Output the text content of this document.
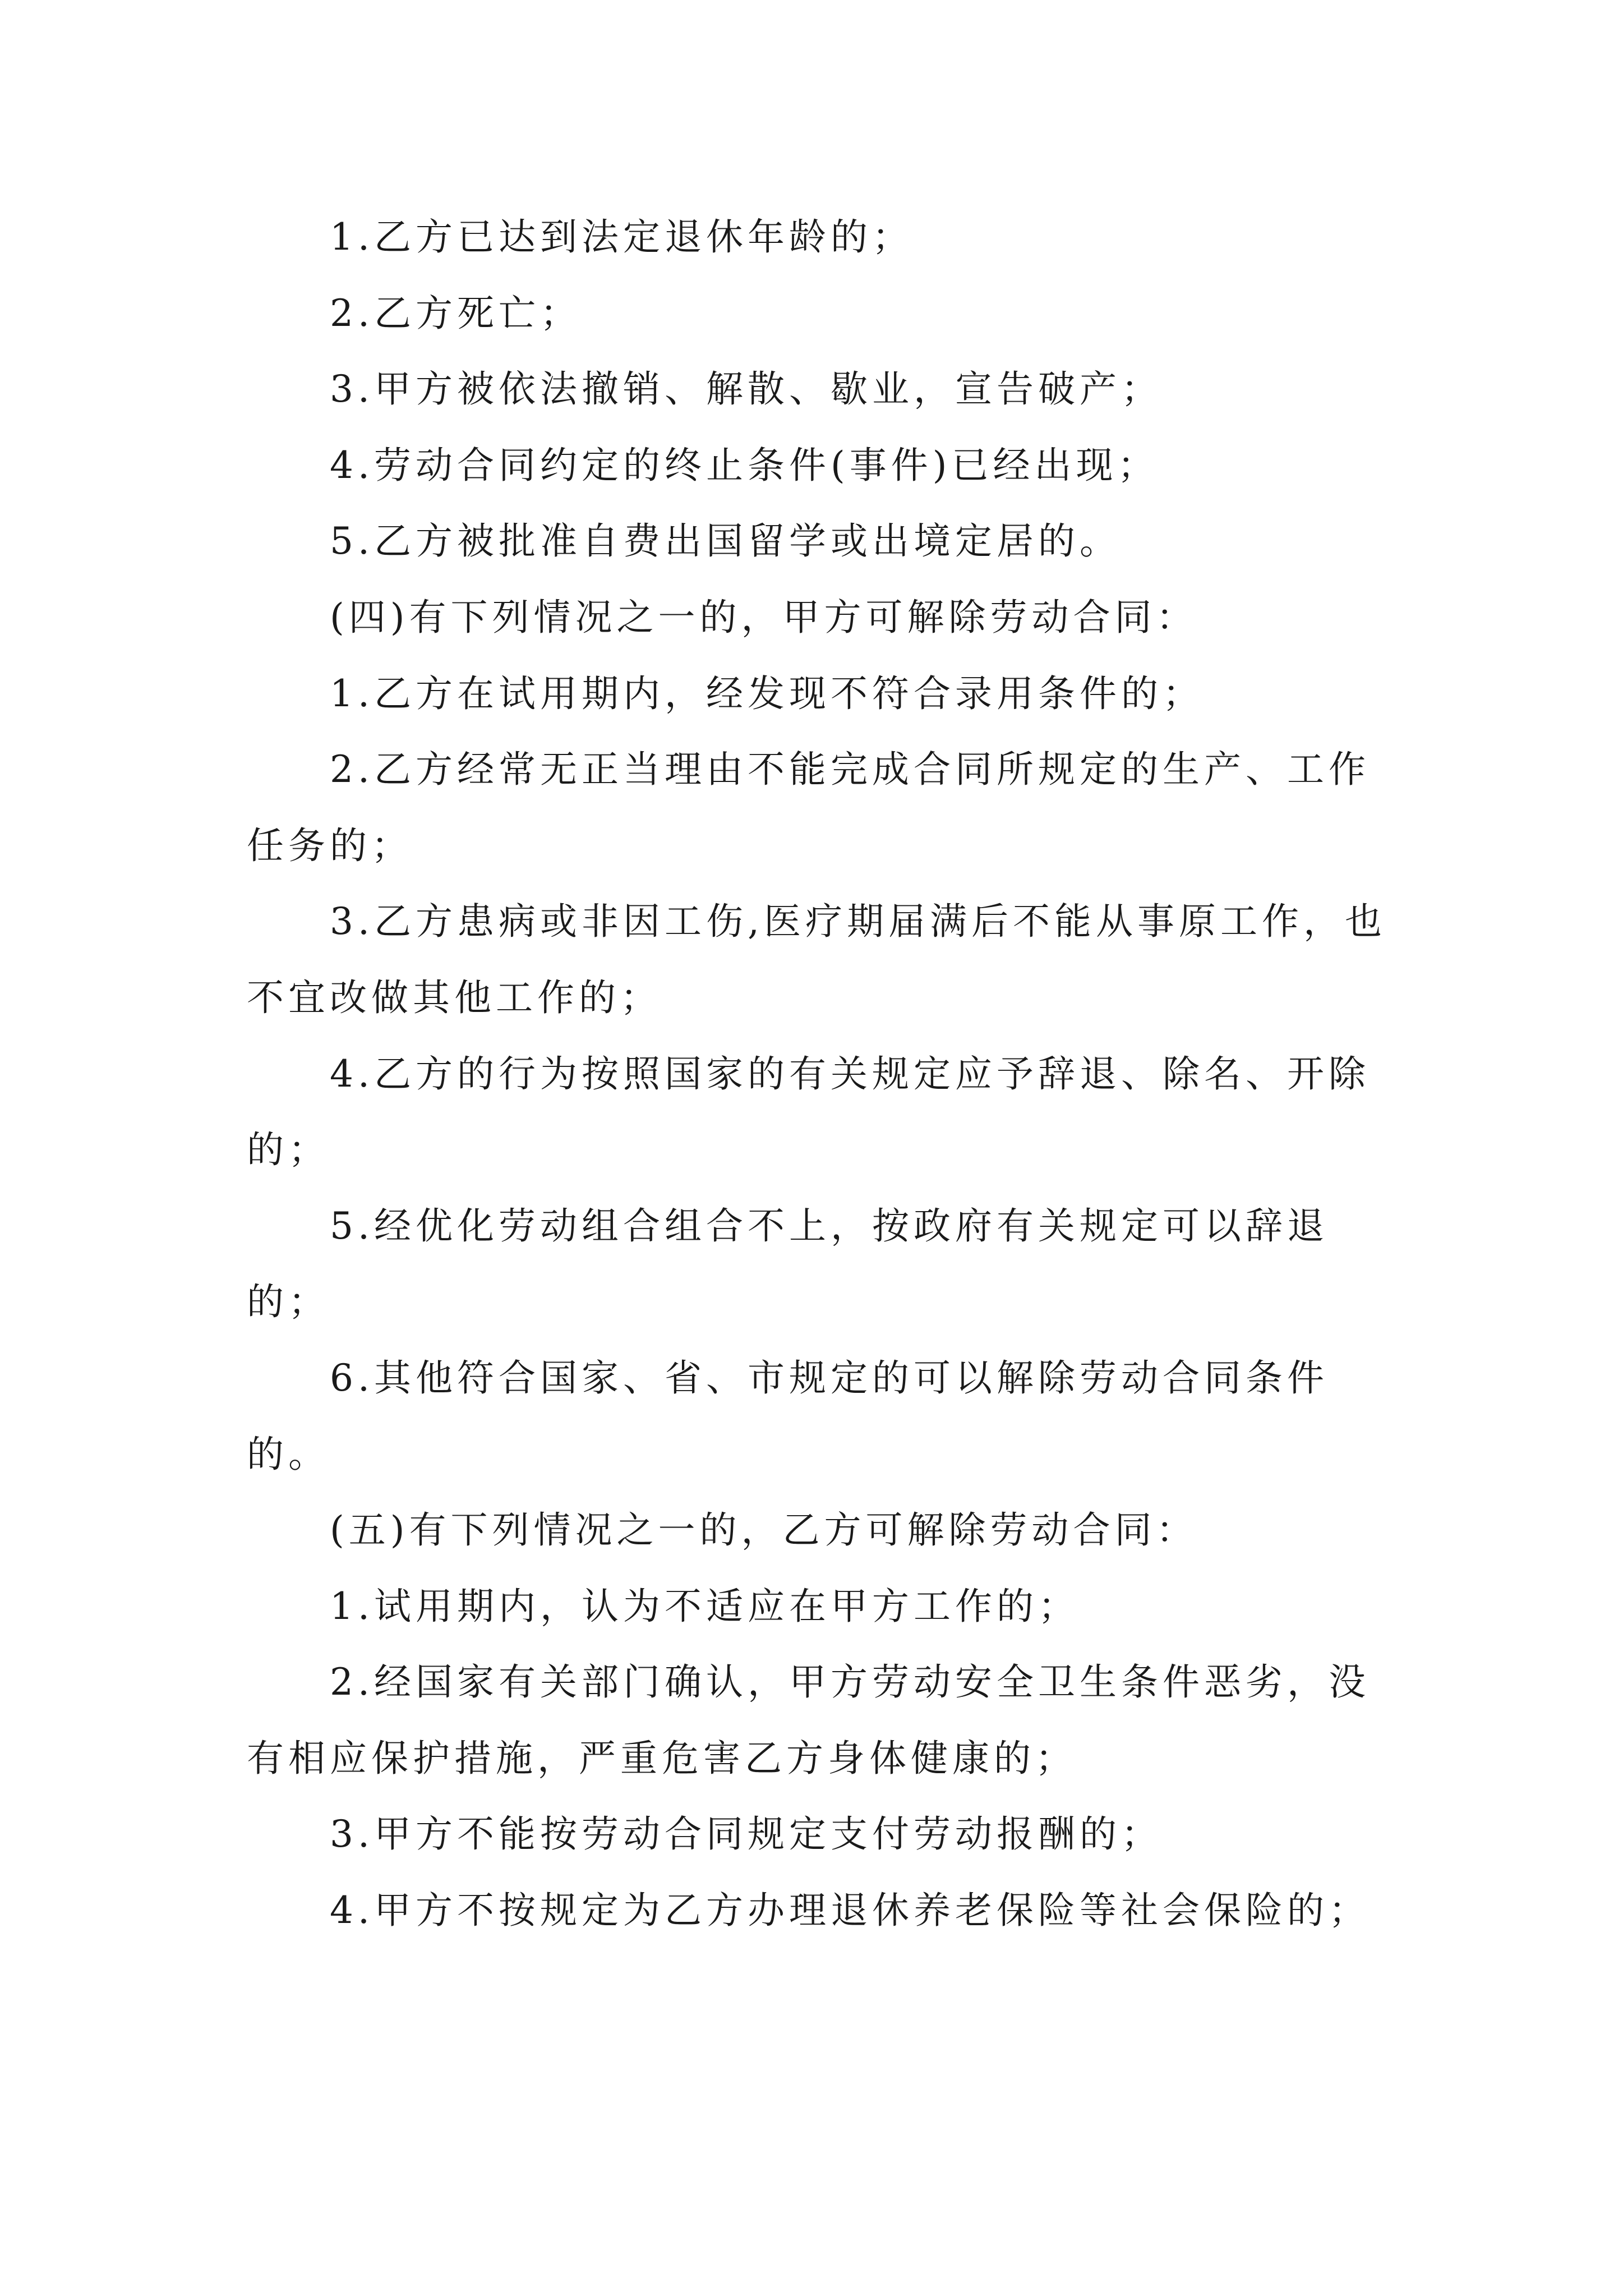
1.乙方已达到法定退休年龄的；

2.乙方死亡；

3.甲方被依法撤销、解散、歇业，宣告破产；

4.劳动合同约定的终止条件(事件)已经出现；

5.乙方被批准自费出国留学或出境定居的。

(四)有下列情况之一的，甲方可解除劳动合同：

1.乙方在试用期内，经发现不符合录用条件的；

2.乙方经常无正当理由不能完成合同所规定的生产、工作任务的；

3.乙方患病或非因工伤,医疗期届满后不能从事原工作，也不宜改做其他工作的；

4.乙方的行为按照国家的有关规定应予辞退、除名、开除的；

5.经优化劳动组合组合不上，按政府有关规定可以辞退的；

6.其他符合国家、省、市规定的可以解除劳动合同条件的。

(五)有下列情况之一的，乙方可解除劳动合同：

1.试用期内，认为不适应在甲方工作的；

2.经国家有关部门确认，甲方劳动安全卫生条件恶劣，没有相应保护措施，严重危害乙方身体健康的；

3.甲方不能按劳动合同规定支付劳动报酬的；

4.甲方不按规定为乙方办理退休养老保险等社会保险的；
